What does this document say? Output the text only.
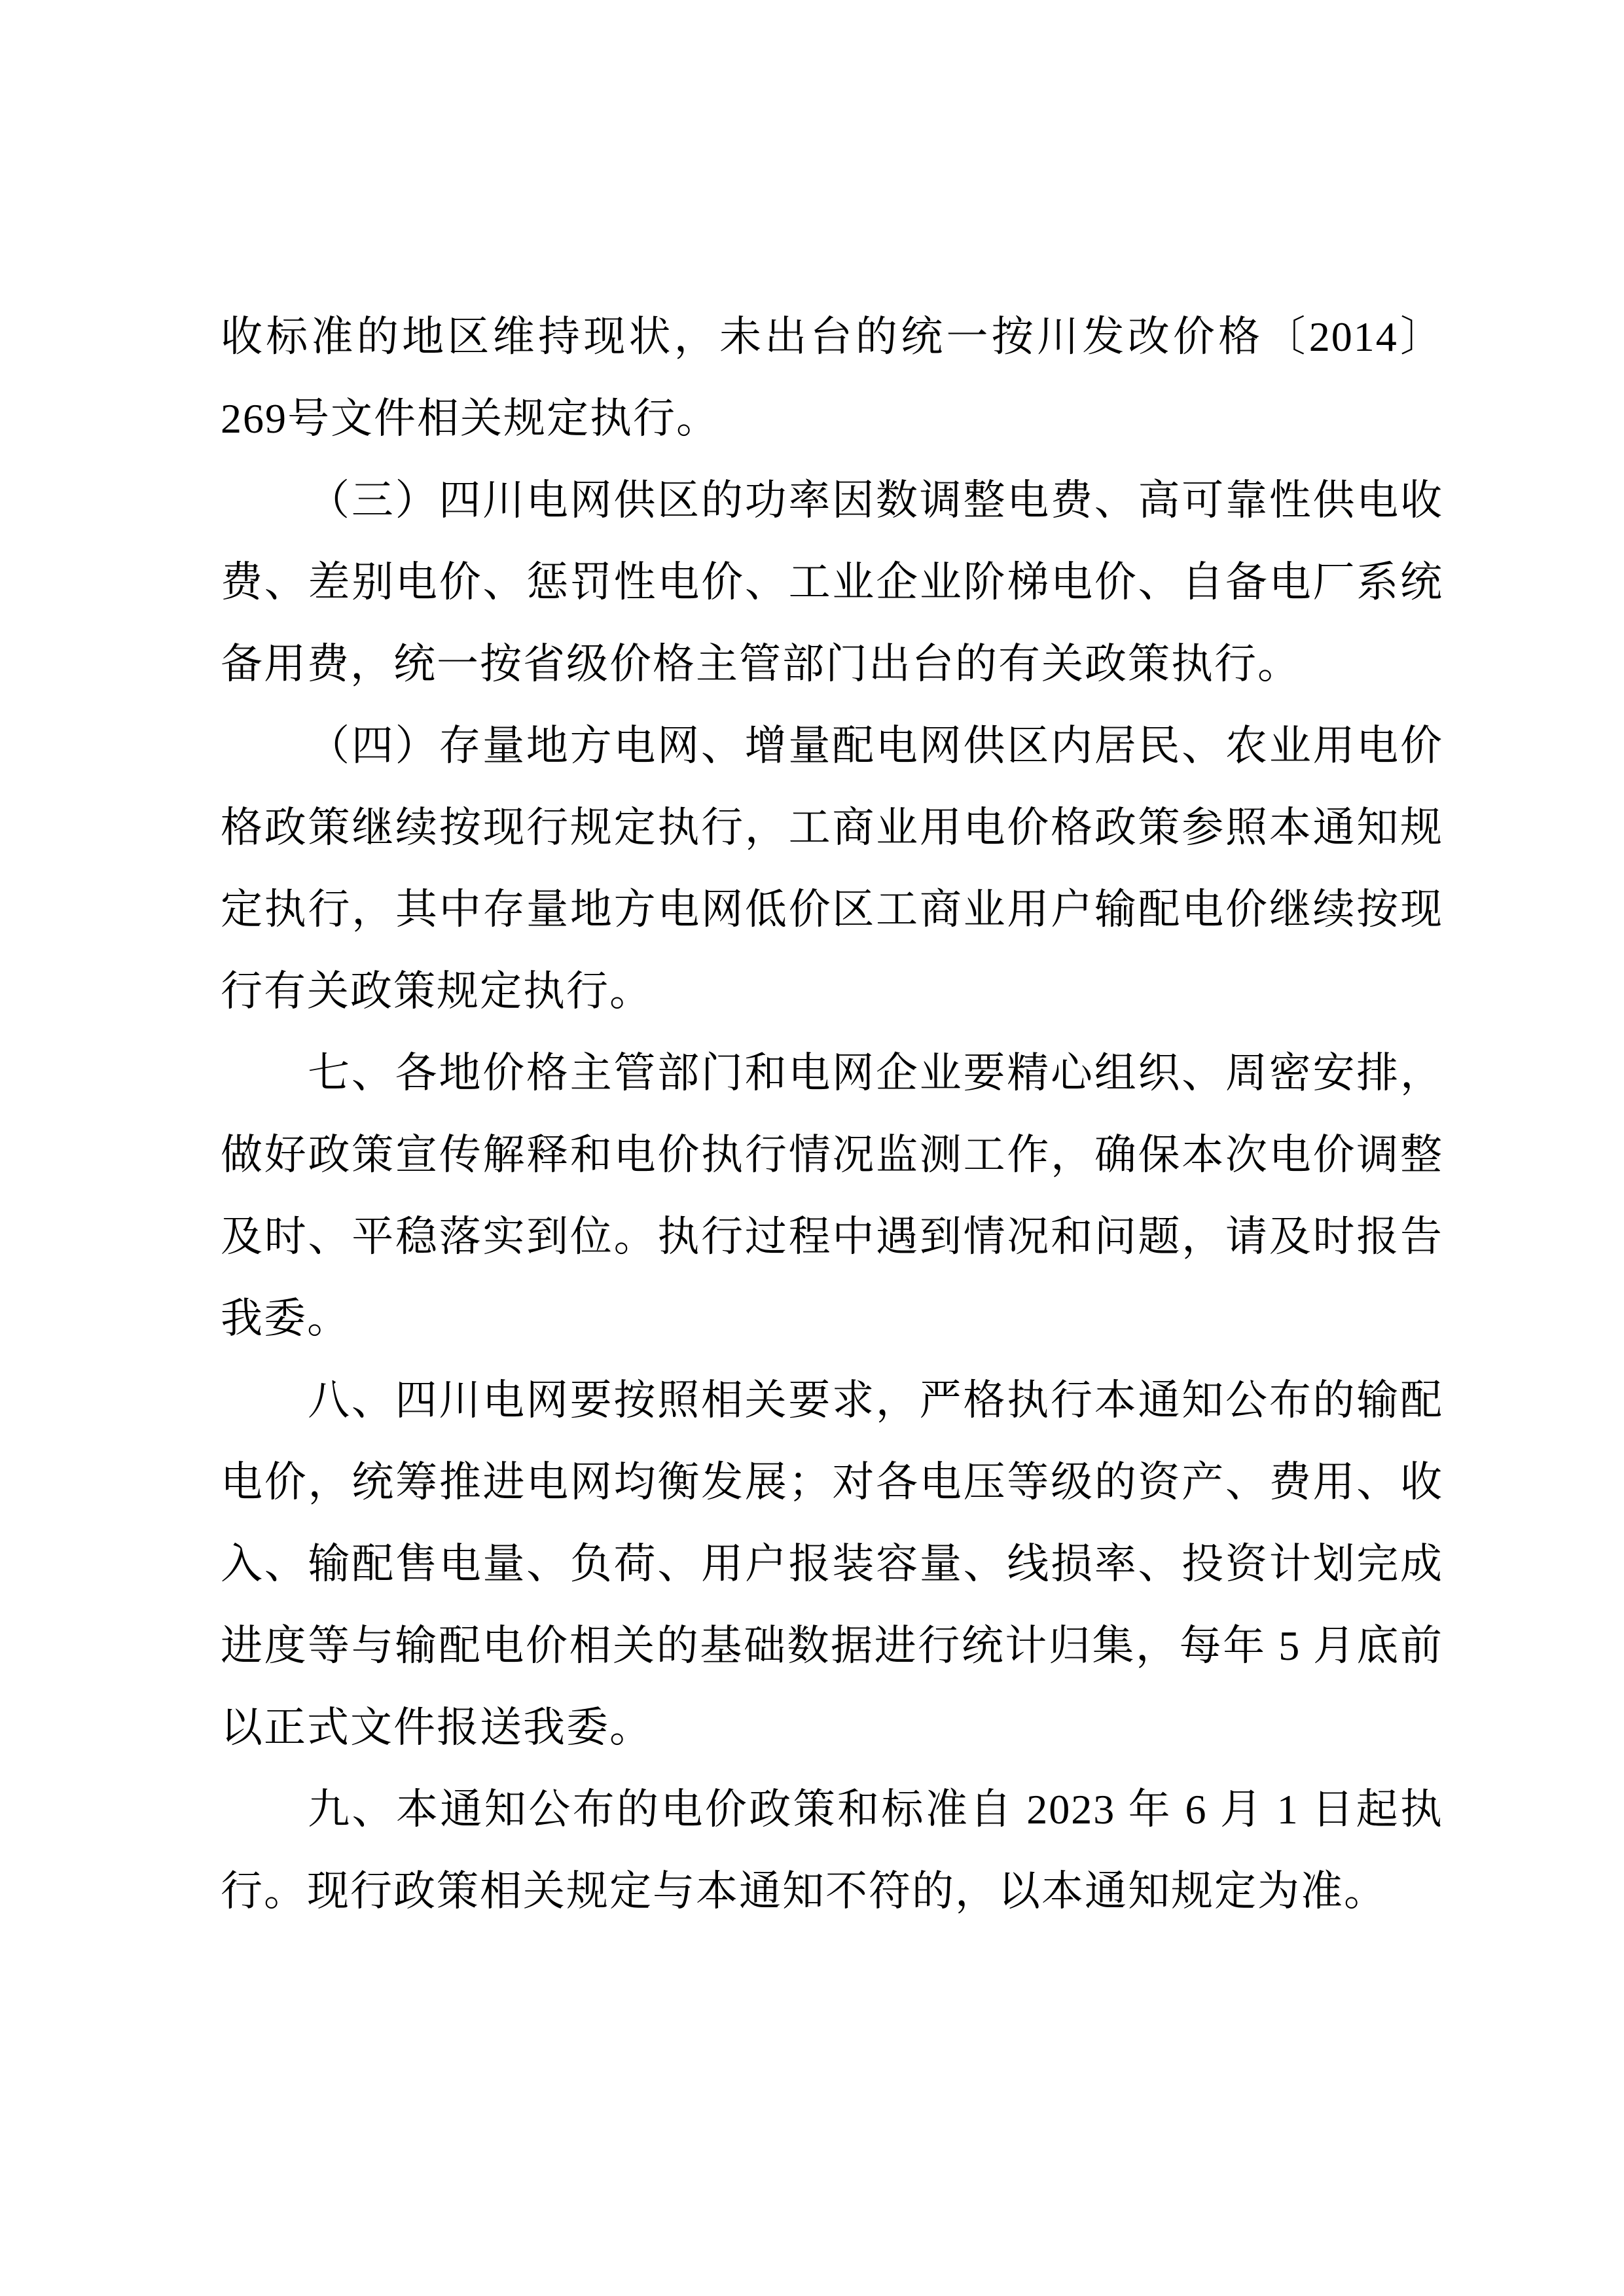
收标准的地区维持现状，未出台的统一按川发改价格〔2014〕269号文件相关规定执行。

（三）四川电网供区的功率因数调整电费、高可靠性供电收费、差别电价、惩罚性电价、工业企业阶梯电价、自备电厂系统备用费，统一按省级价格主管部门出台的有关政策执行。

（四）存量地方电网、增量配电网供区内居民、农业用电价格政策继续按现行规定执行，工商业用电价格政策参照本通知规定执行，其中存量地方电网低价区工商业用户输配电价继续按现行有关政策规定执行。

七、各地价格主管部门和电网企业要精心组织、周密安排，做好政策宣传解释和电价执行情况监测工作，确保本次电价调整及时、平稳落实到位。执行过程中遇到情况和问题，请及时报告我委。

八、四川电网要按照相关要求，严格执行本通知公布的输配电价，统筹推进电网均衡发展；对各电压等级的资产、费用、收入、输配售电量、负荷、用户报装容量、线损率、投资计划完成进度等与输配电价相关的基础数据进行统计归集，每年 5 月底前以正式文件报送我委。

九、本通知公布的电价政策和标准自 2023 年 6 月 1 日起执行。现行政策相关规定与本通知不符的，以本通知规定为准。
